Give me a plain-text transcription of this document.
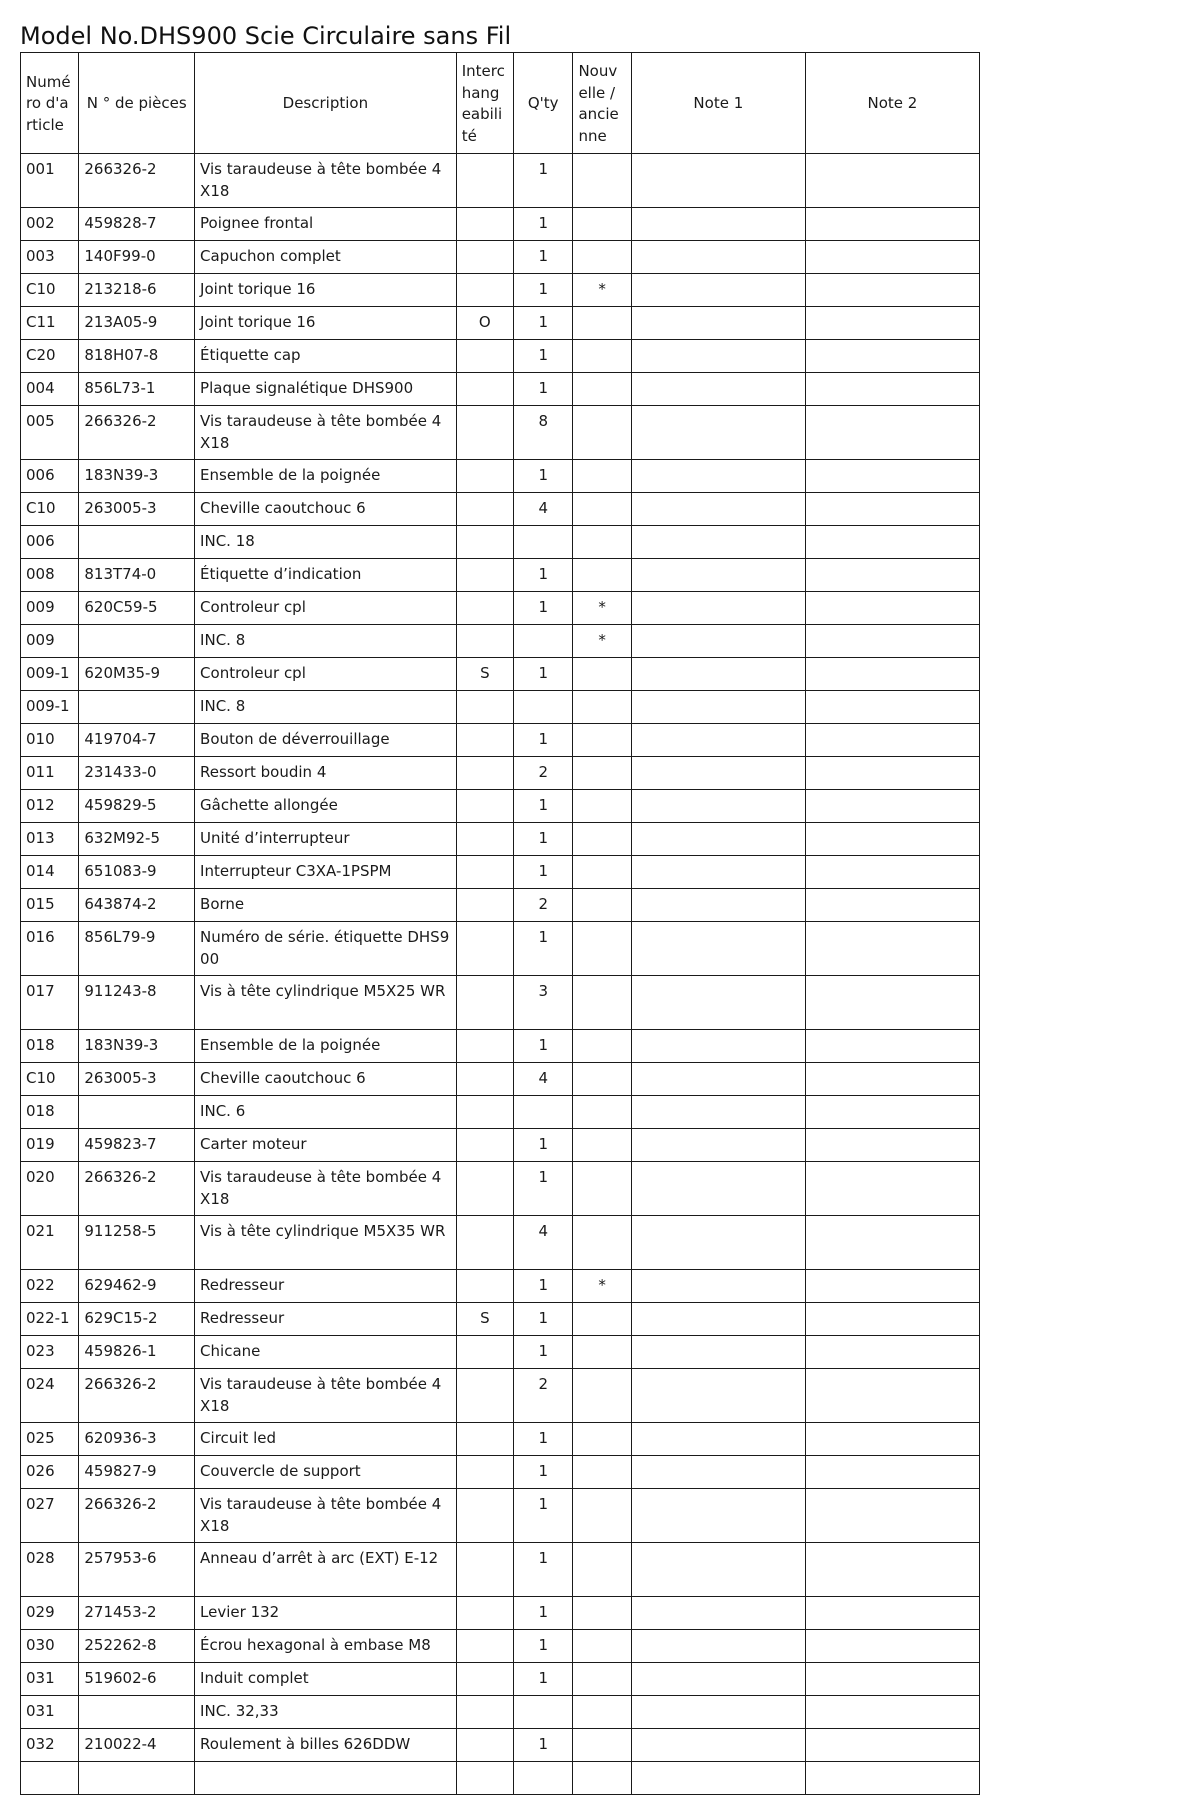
Model No.DHS900 Scie Circulaire sans Fil
Numéro d'article	N ° de pièces	Description	Interchangeabilité	Q'ty	Nouvelle / ancienne	Note 1	Note 2
001	266326-2	Vis taraudeuse à tête bombée 4X18		1			
002	459828-7	Poignee frontal		1			
003	140F99-0	Capuchon complet		1			
C10	213218-6	Joint torique 16		1	*		
C11	213A05-9	Joint torique 16	O	1			
C20	818H07-8	Étiquette cap		1			
004	856L73-1	Plaque signalétique DHS900		1			
005	266326-2	Vis taraudeuse à tête bombée 4X18		8			
006	183N39-3	Ensemble de la poignée		1			
C10	263005-3	Cheville caoutchouc 6		4			
006		INC. 18					
008	813T74-0	Étiquette d’indication		1			
009	620C59-5	Controleur cpl		1	*		
009		INC. 8			*		
009-1	620M35-9	Controleur cpl	S	1			
009-1		INC. 8					
010	419704-7	Bouton de déverrouillage		1			
011	231433-0	Ressort boudin 4		2			
012	459829-5	Gâchette allongée		1			
013	632M92-5	Unité d’interrupteur		1			
014	651083-9	Interrupteur C3XA-1PSPM		1			
015	643874-2	Borne		2			
016	856L79-9	Numéro de série. étiquette DHS900		1			
017	911243-8	Vis à tête cylindrique M5X25 WR		3			
018	183N39-3	Ensemble de la poignée		1			
C10	263005-3	Cheville caoutchouc 6		4			
018		INC. 6					
019	459823-7	Carter moteur		1			
020	266326-2	Vis taraudeuse à tête bombée 4X18		1			
021	911258-5	Vis à tête cylindrique M5X35 WR		4			
022	629462-9	Redresseur		1	*		
022-1	629C15-2	Redresseur	S	1			
023	459826-1	Chicane		1			
024	266326-2	Vis taraudeuse à tête bombée 4X18		2			
025	620936-3	Circuit led		1			
026	459827-9	Couvercle de support		1			
027	266326-2	Vis taraudeuse à tête bombée 4X18		1			
028	257953-6	Anneau d’arrêt à arc (EXT) E-12		1			
029	271453-2	Levier 132		1			
030	252262-8	Écrou hexagonal à embase M8		1			
031	519602-6	Induit complet		1			
031		INC. 32,33					
032	210022-4	Roulement à billes 626DDW		1			
